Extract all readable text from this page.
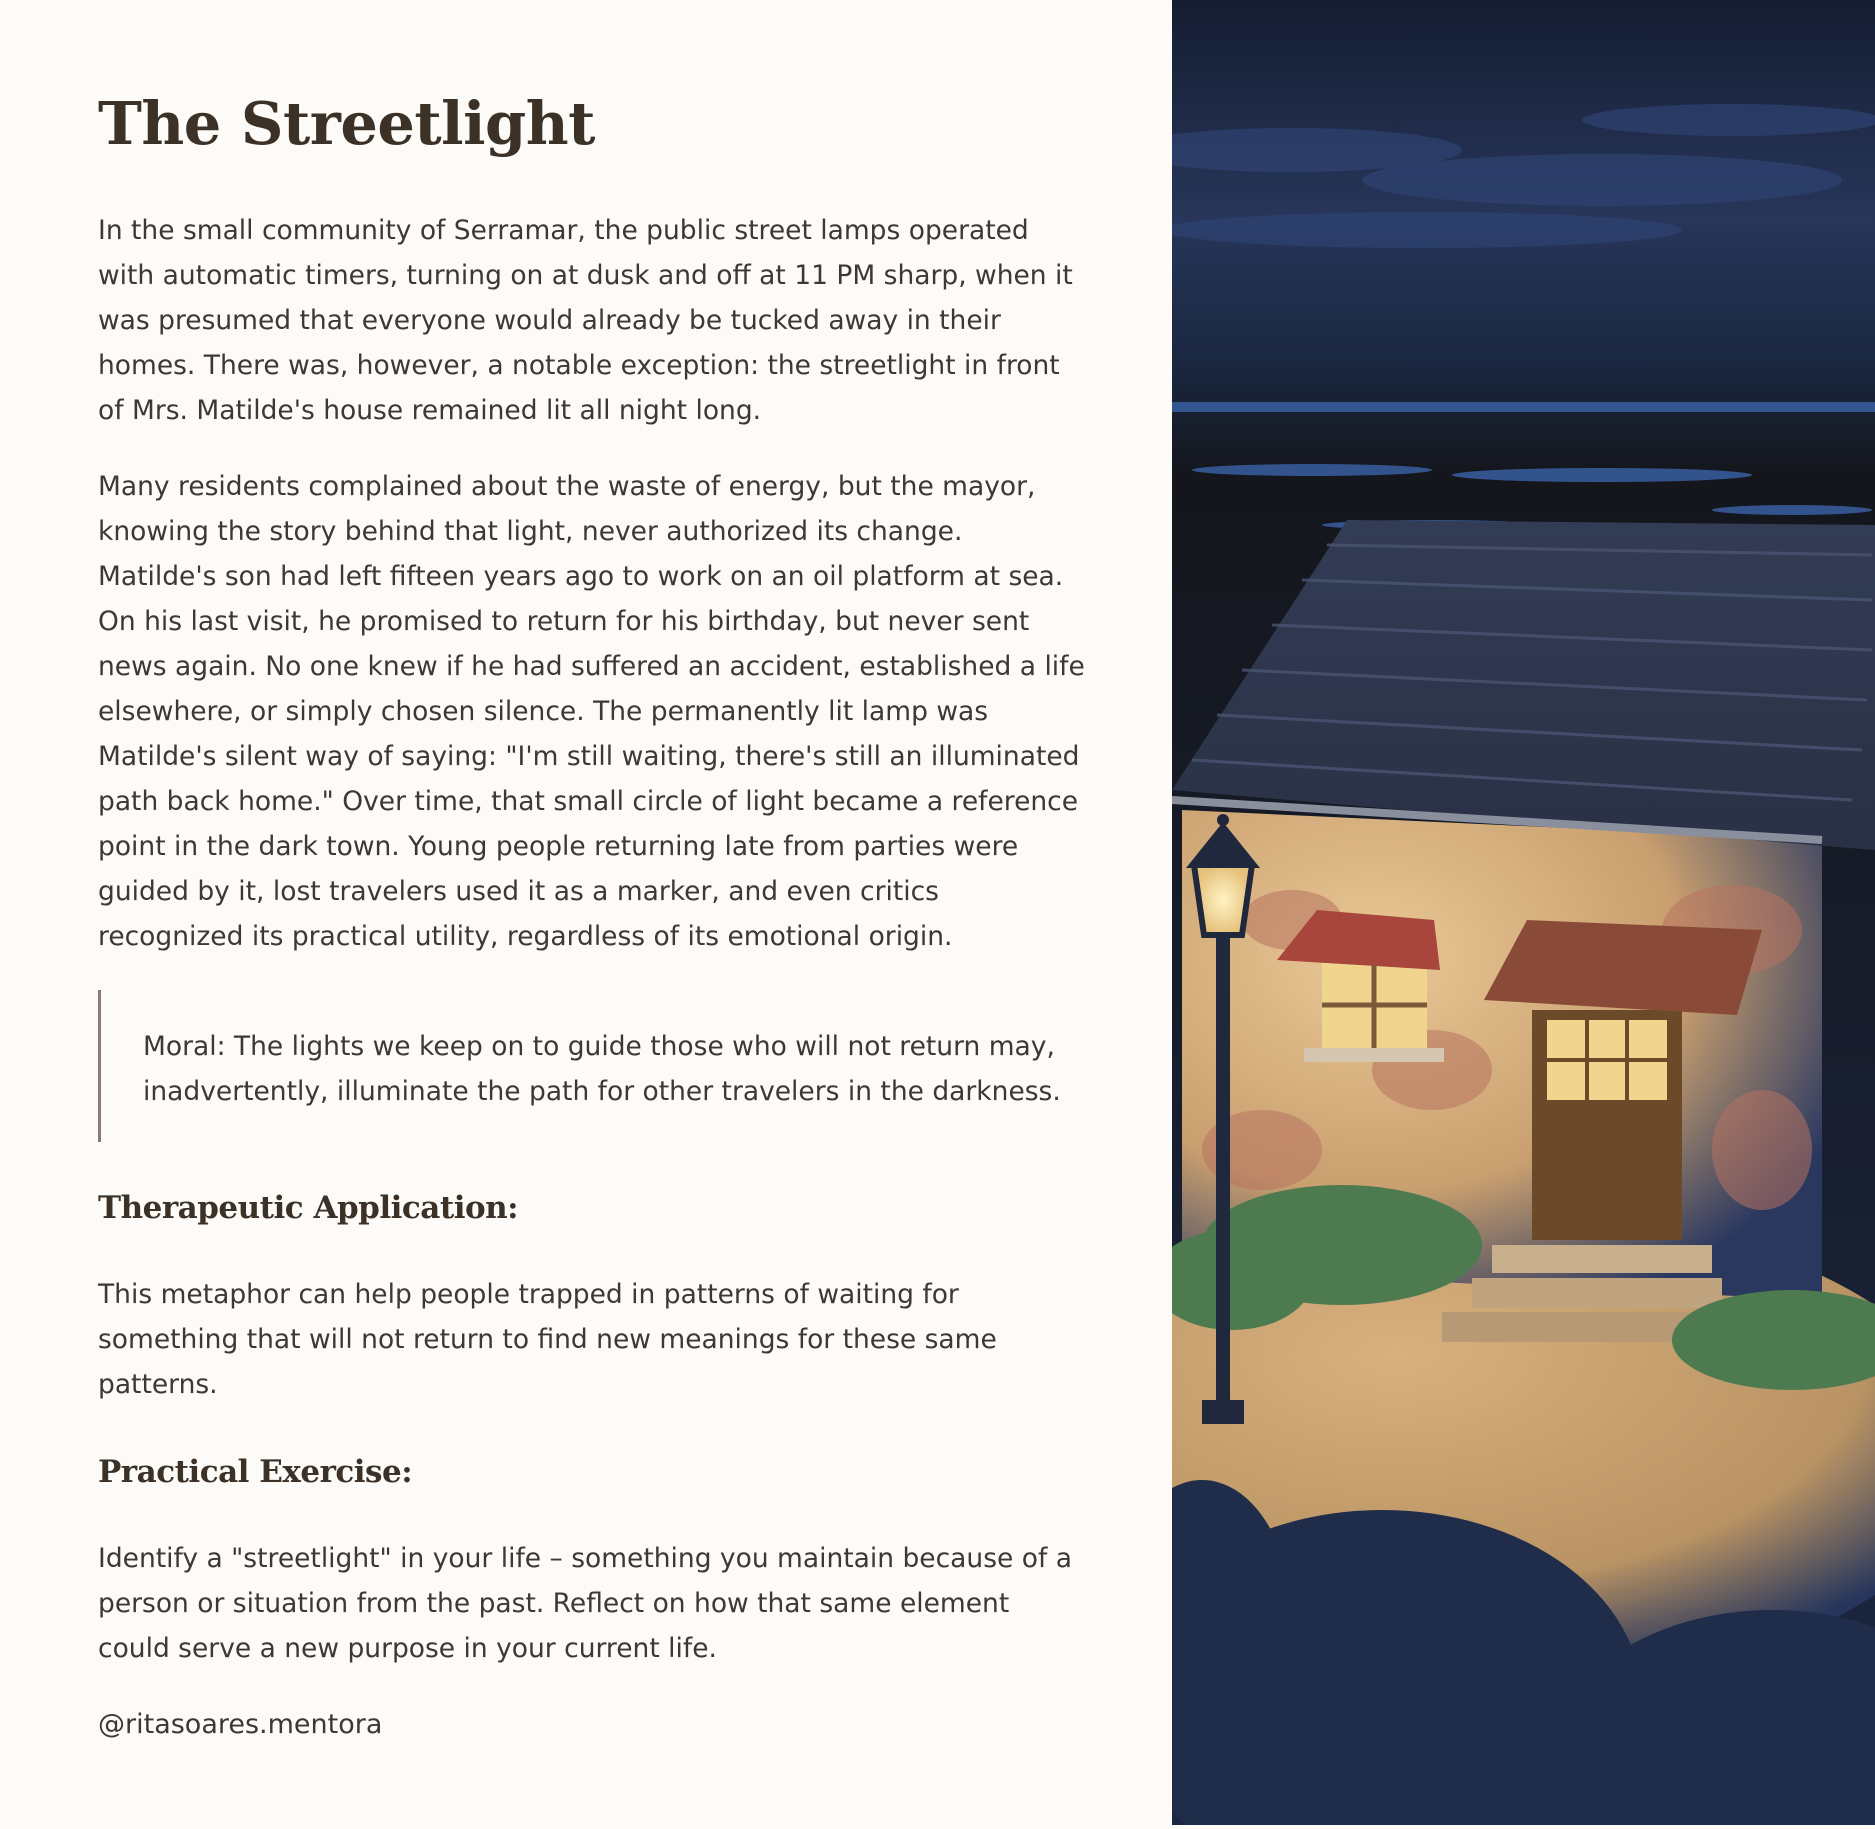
The Streetlight

In the small community of Serramar, the public street lamps operated with automatic timers, turning on at dusk and off at 11 PM sharp, when it was presumed that everyone would already be tucked away in their homes. There was, however, a notable exception: the streetlight in front of Mrs. Matilde's house remained lit all night long.

Many residents complained about the waste of energy, but the mayor, knowing the story behind that light, never authorized its change. Matilde's son had left fifteen years ago to work on an oil platform at sea. On his last visit, he promised to return for his birthday, but never sent news again. No one knew if he had suffered an accident, established a life elsewhere, or simply chosen silence. The permanently lit lamp was Matilde's silent way of saying: "I'm still waiting, there's still an illuminated path back home." Over time, that small circle of light became a reference point in the dark town. Young people returning late from parties were guided by it, lost travelers used it as a marker, and even critics recognized its practical utility, regardless of its emotional origin.

Moral: The lights we keep on to guide those who will not return may, inadvertently, illuminate the path for other travelers in the darkness.

Therapeutic Application:

This metaphor can help people trapped in patterns of waiting for something that will not return to find new meanings for these same patterns.

Practical Exercise:

Identify a "streetlight" in your life – something you maintain because of a person or situation from the past. Reflect on how that same element could serve a new purpose in your current life.

@ritasoares.mentora
